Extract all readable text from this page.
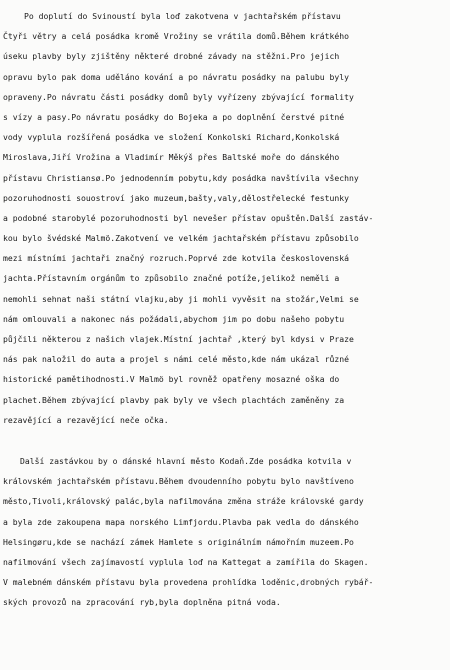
Po doplutí do Svinoustí byla loď zakotvena v jachtařském přístavu
Čtyři větry a celá posádka kromě Vrožiny se vrátila domů.Během krátkého
úseku plavby byly zjištěny některé drobné závady na stěžni.Pro jejich
opravu bylo pak doma uděláno kování a po návratu posádky na palubu byly
opraveny.Po návratu části posádky domů byly vyřízeny zbývající formality
s vízy a pasy.Po návratu posádky do Bojeka a po doplnění čerstvé pitné
vody vyplula rozšířená posádka ve složení Konkolski Richard,Konkolská
Miroslava,Jiří Vrožina a Vladimír Měkýš přes Baltské moře do dánského
přístavu Christiansø.Po jednodenním pobytu,kdy posádka navštívila všechny
pozoruhodnosti souostroví jako muzeum,bašty,valy,dělostřelecké festunky
a podobné starobylé pozoruhodnosti byl nevešer přístav opuštěn.Další zastáv-
kou bylo švédské Malmö.Zakotvení ve velkém jachtařském přístavu způsobilo
mezi místními jachtaři značný rozruch.Poprvé zde kotvila československá
jachta.Přístavním orgánům to způsobilo značné potíže,jelikož neměli a
nemohli sehnat naši státní vlajku,aby ji mohli vyvěsit na stožár,Velmi se
nám omlouvali a nakonec nás požádali,abychom jim po dobu našeho pobytu
půjčili některou z našich vlajek.Místní jachtař ,který byl kdysi v Praze
nás pak naložil do auta a projel s námi celé město,kde nám ukázal různé
historické pamětihodnosti.V Malmö byl rovněž opatřeny mosazné oška do
plachet.Během zbývající plavby pak byly ve všech plachtách zaměněny za
rezavějící a rezavějící neče očka.
Další zastávkou by o dánské hlavní město Kodaň.Zde posádka kotvila v
královském jachtařském přístavu.Během dvoudenního pobytu bylo navštíveno
město,Tivoli,královský palác,byla nafilmována změna stráže královské gardy
a byla zde zakoupena mapa norského Limfjordu.Plavba pak vedla do dánského
Helsingøru,kde se nachází zámek Hamlete s originálním námořním muzeem.Po
nafilmování všech zajímavostí vyplula loď na Kattegat a zamířila do Skagen.
V malebném dánském přístavu byla provedena prohlídka loděnic,drobných rybář-
ských provozů na zpracování ryb,byla doplněna pitná voda.
